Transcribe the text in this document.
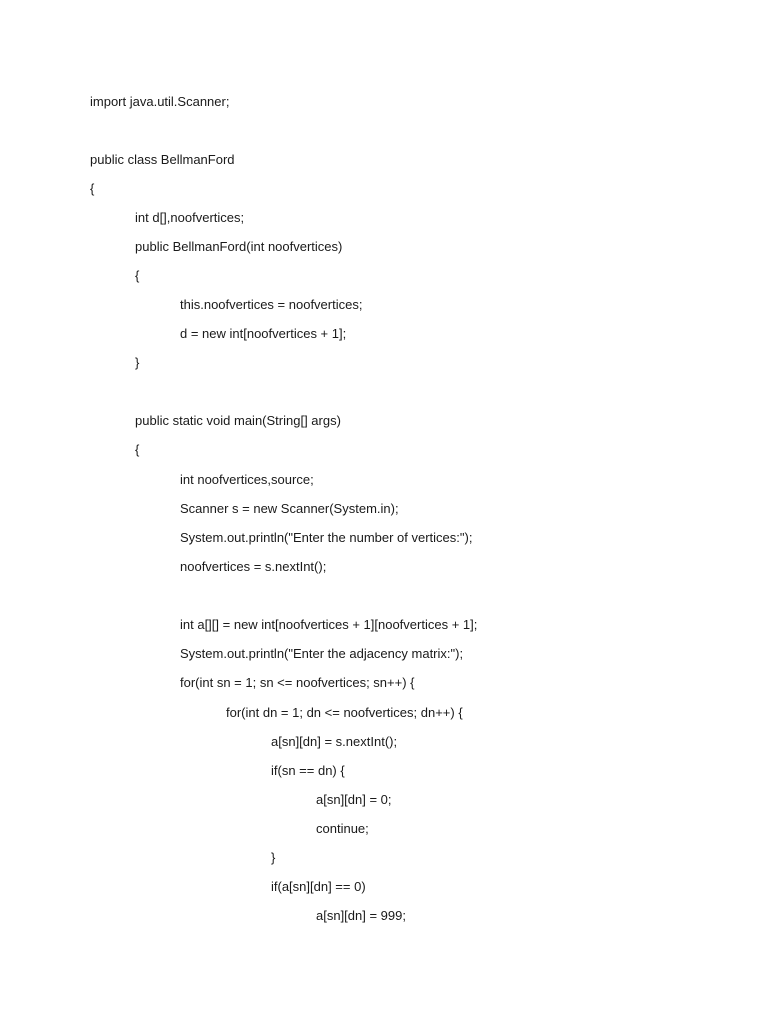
import java.util.Scanner;
public class BellmanFord
{
int d[],noofvertices;
public BellmanFord(int noofvertices)
{
this.noofvertices = noofvertices;
d = new int[noofvertices + 1];
}
public static void main(String[] args)
{
int noofvertices,source;
Scanner s = new Scanner(System.in);
System.out.println("Enter the number of vertices:");
noofvertices = s.nextInt();
int a[][] = new int[noofvertices + 1][noofvertices + 1];
System.out.println("Enter the adjacency matrix:");
for(int sn = 1; sn <= noofvertices; sn++) {
for(int dn = 1; dn <= noofvertices; dn++) {
a[sn][dn] = s.nextInt();
if(sn == dn) {
a[sn][dn] = 0;
continue;
}
if(a[sn][dn] == 0)
a[sn][dn] = 999;
